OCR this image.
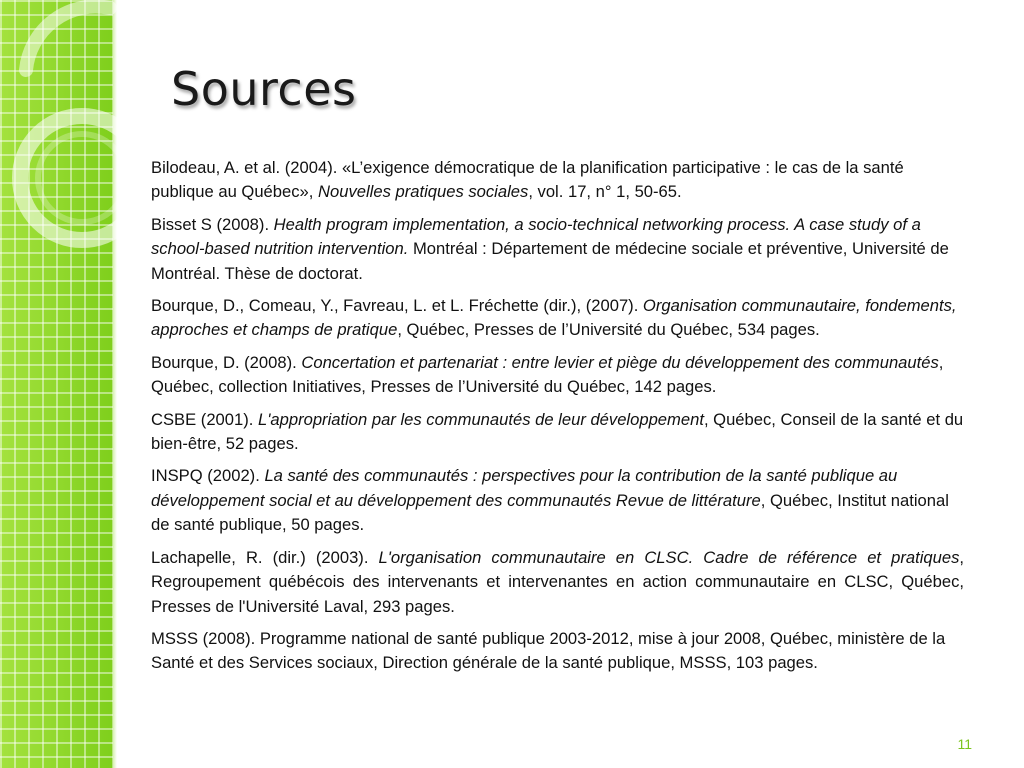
Sources

Bilodeau, A. et al. (2004). «L’exigence démocratique de la planification participative : le cas de la santé publique au Québec», Nouvelles pratiques sociales, vol. 17, n° 1, 50-65.

Bisset S (2008). Health program implementation, a socio-technical networking process. A case study of a school-based nutrition intervention. Montréal : Département de médecine sociale et préventive, Université de Montréal. Thèse de doctorat.

Bourque, D., Comeau, Y., Favreau, L. et L. Fréchette (dir.), (2007). Organisation communautaire, fondements, approches et champs de pratique, Québec, Presses de l’Université du Québec, 534 pages.

Bourque, D. (2008). Concertation et partenariat : entre levier et piège du développement des communautés, Québec, collection Initiatives, Presses de l’Université du Québec, 142 pages.

CSBE (2001). L'appropriation par les communautés de leur développement, Québec, Conseil de la santé et du bien-être, 52 pages.

INSPQ (2002). La santé des communautés : perspectives pour la contribution de la santé publique au développement social et au développement des communautés Revue de littérature, Québec, Institut national de santé publique, 50 pages.

Lachapelle, R. (dir.) (2003). L'organisation communautaire en CLSC. Cadre de référence et pratiques, Regroupement québécois des intervenants et intervenantes en action communautaire en CLSC, Québec, Presses de l'Université Laval, 293 pages.

MSSS (2008). Programme national de santé publique 2003-2012, mise à jour 2008, Québec, ministère de la Santé et des Services sociaux, Direction générale de la santé publique, MSSS, 103 pages.

11
